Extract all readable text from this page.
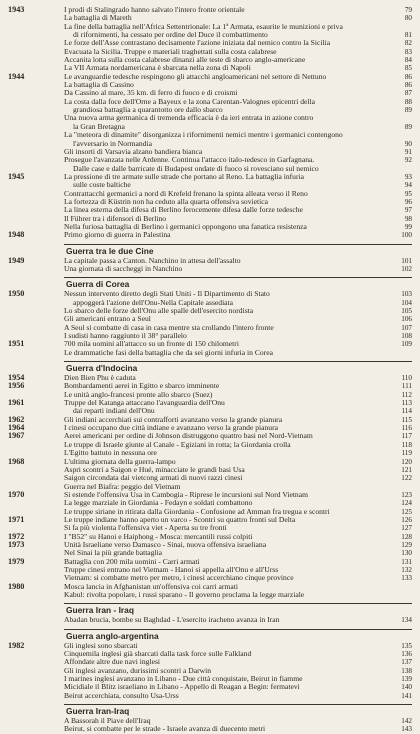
1943	I prodi di Stalingrado hanno salvato l'intero fronte orientale	79
La battaglia di Mareth	80
La fine della battaglia nell'Africa Settentrionale: La 1ª Armata, esaurite le munizioni e priva
di rifornimenti, ha cessato per ordine del Duce il combattimento	81
Le forze dell'Asse contrastano decisamente l'azione iniziata dal nemico contro la Sicilia	82
Evacuata la Sicilia. Truppe e materiali traghettati sulla costa calabrese	83
Accanita lotta sulla costa calabrese dinanzi alle teste di sbarco anglo-americane	84
La VII Armata nordamericana è sbarcata nella zona di Napoli	85
1944	Le avanguardie tedesche respingono gli attacchi angloamericani nel settore di Nettuno	86
La battaglia di Cassino	86
Da Cassino al mare, 35 km. di ferro di fuoco e di croismi	87
La costa dalla foce dell'Orne a Bayeux e la zona Carentan-Valognes epicentri della	88
grandiosa battaglia a quarantotto ore dallo sbarco	89
Una nuova arma germanica di tremenda efficacia è da ieri entrata in azione contro
la Gran Bretagna	89
La "meteora di dinamite" disorganizza i rifornimenti nemici mentre i germanici contengono
l'avversario in Normandia	90
Gli insorti di Varsavia alzano bandiera bianca	91
Prosegue l'avanzata nelle Ardenne. Continua l'attacco italo-tedesco in Garfagnana.	92
Dalle case e dalle barricate di Budapest ondate di fuoco si rovesciano sul nemico
1945	La pressione di tre armate sulle strade che portano al Reno. La battaglia infuria	93
sulle coste baltiche	94
Contrattacchi germanici a nord di Krefeld frenano la spinta alleata verso il Reno	95
La fortezza di Küstrin non ha ceduto alla quarta offensiva sovietica	96
La linea esterna della difesa di Berlino ferocemente difesa dalle forze tedesche	97
Il Führer tra i difensori di Berlino	98
Nella furiosa battaglia di Berlino i germanici oppongono una fanatica resistenza	99
1948	Primo giorno di guerra in Palestina	100
Guerra tra le due Cine
1949	La capitale passa a Canton. Nanchino in attesa dell'assalto	101
Una giornata di saccheggi in Nanchino	102
Guerra di Corea
1950	Nessun intervento diretto degli Stati Uniti - Il Dipartimento di Stato	103
appoggerà l'azione dell'Onu-Nella Capitale assediata	104
Lo sbarco delle forze dell'Onu alle spalle dell'esercito nordista	105
Gli americani entrano a Seul	106
A Seul si combatte di casa in casa mentre sta crollando l'intero fronte	107
I sudisti hanno raggiunto il 38° parallelo	108
1951	700 mila uomini all'attacco su un fronte di 150 chilometri	109
Le drammatiche fasi della battaglia che da sei giorni infuria in Corea
Guerra d'Indocina
1954	Dien Bien Phu è caduta	110
1956	Bombardamenti aerei in Egitto e sbarco imminente	111
Le unità anglo-francesi pronte allo sbarco (Suez)	112
1961	Truppe del Katanga attaccano l'avanguardia dell'Onu	113
dai reparti indiani dell'Onu	114
1962	Gli indiani accerchiati sui contrafforti avanzano verso la grande pianura	115
1964	I cinesi occupano due città indiane e avanzano verso la grande pianura	116
1967	Aerei americani per ordine di Johnson distruggono quattro basi nel Nord-Vietnam	117
Le truppe di Israele giunte al Canale - Egiziani in rotta; la Giordania crolla	118
L'Egitto battuto in nessuna ore	119
1968	L'ultima giornata della guerra-lampo	120
Aspri scontri a Saigon e Hué, minacciate le grandi basi Usa	121
Saigon circondata dai vietcong armati di nuovi razzi cinesi	122
Guerra nel Biafra: peggio del Vietnam
1970	Si estende l'offensiva Usa in Cambogia - Riprese le incursioni sul Nord Vietnam	123
La legge marziale in Giordania - Fedayn e soldati combattono	124
Le truppe siriane in ritirata dalla Giordania - Confusione ad Amman fra tregua e scontri	125
1971	Le truppe indiane hanno aperto un varco - Scontri su quattro fronti sul Delta	126
Si fa più violenta l'offensiva viet - Aperta su tre fronti	127
1972	I "B52" su Hanoi e Haiphong - Mosca: mercantili russi colpiti	128
1973	Unità Israeliane verso Damasco - Sinai, nuova offensiva israeliana	129
Nel Sinai la più grande battaglia	130
1979	Battaglia con 200 mila uomini - Carri armati	131
Truppe cinesi entrano nel Vietnam - Hanoi si appella all'Onu e all'Urss	132
Vietnam: si combatte metro per metro, i cinesi accerchiano cinque province	133
1980	Mosca lancia in Afghanistan un'offensiva coi carri armati
Kabul: rivolta popolare, i russi sparano - Il governo proclama la legge marziale
Guerra Iran - Iraq
Abadan brucia, bombe su Baghdad - L'esercito iracheno avanza in Iran	134
Guerra anglo-argentina
1982	Gli inglesi sono sbarcati	135
Cinquemila inglesi già sbarcati dalla task force sulle Falkland	136
Affondate altre due navi inglesi	137
Gli inglesi avanzano, durissimi scontri a Darwin	138
I marines inglesi avanzano in Libano - Due città conquistate, Beirut in fiamme	139
Micidiale il Blitz israeliano in Libano - Appello di Reagan a Begin: fermatevi	140
Beirut accerchiata, consulto Usa-Urss	141
Guerra Iran-Iraq
A Bassorah il Piave dell'Iraq	142
Beirut, si combatte per le strade - Israele avanza di duecento metri	143
